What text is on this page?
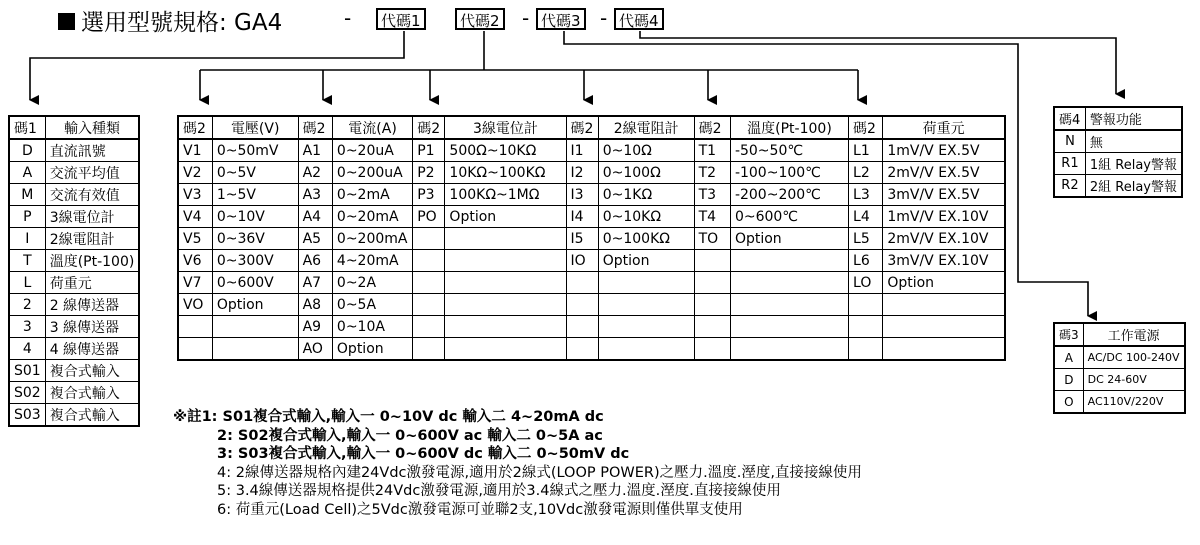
選用型號規格: GA4	-	代碼1	代碼2 - 代碼3 - 代碼4
碼1	輸入種類
D	直流訊號
A	交流平均值
M	交流有效值
P	3線電位計
I	2線電阻計
T	溫度(Pt-100)
L	荷重元
2	2 線傳送器
3	3 線傳送器
4	4 線傳送器
S01	複合式輸入
S02	複合式輸入
S03	複合式輸入
碼2	電壓(V)	碼2	電流(A)	碼2	3線電位計	碼2	2線電阻計	碼2	溫度(Pt-100)	碼2	荷重元
V1	0~50mV	A1	0~20uA	P1	500Ω~10KΩ	I1	0~10Ω	T1	-50~50℃	L1	1mV/V EX.5V
V2	0~5V	A2	0~200uA	P2	10KΩ~100KΩ	I2	0~100Ω	T2	-100~100℃	L2	2mV/V EX.5V
V3	1~5V	A3	0~2mA	P3	100KΩ~1MΩ	I3	0~1KΩ	T3	-200~200℃	L3	3mV/V EX.5V
V4	0~10V	A4	0~20mA	PO	Option	I4	0~10KΩ	T4	0~600℃	L4	1mV/V EX.10V
V5	0~36V	A5	0~200mA			I5	0~100KΩ	TO	Option	L5	2mV/V EX.10V
V6	0~300V	A6	4~20mA			IO	Option			L6	3mV/V EX.10V
V7	0~600V	A7	0~2A							LO	Option
VO	Option	A8	0~5A								
		A9	0~10A								
		AO	Option								
碼4	警報功能
N	無
R1	1組 Relay警報
R2	2組 Relay警報
碼3	工作電源
A	AC/DC 100-240V
D	DC 24-60V
O	AC110V/220V
※註1: S01複合式輸入,輸入一 0~10V dc 輸入二 4~20mA dc
2: S02複合式輸入,輸入一 0~600V ac 輸入二 0~5A ac
3: S03複合式輸入,輸入一 0~600V dc 輸入二 0~50mV dc
4: 2線傳送器規格內建24Vdc激發電源,適用於2線式(LOOP POWER)之壓力.溫度.溼度,直接接線使用
5: 3.4線傳送器規格提供24Vdc激發電源,適用於3.4線式之壓力.溫度.溼度.直接接線使用
6: 荷重元(Load Cell)之5Vdc激發電源可並聯2支,10Vdc激發電源則僅供單支使用
